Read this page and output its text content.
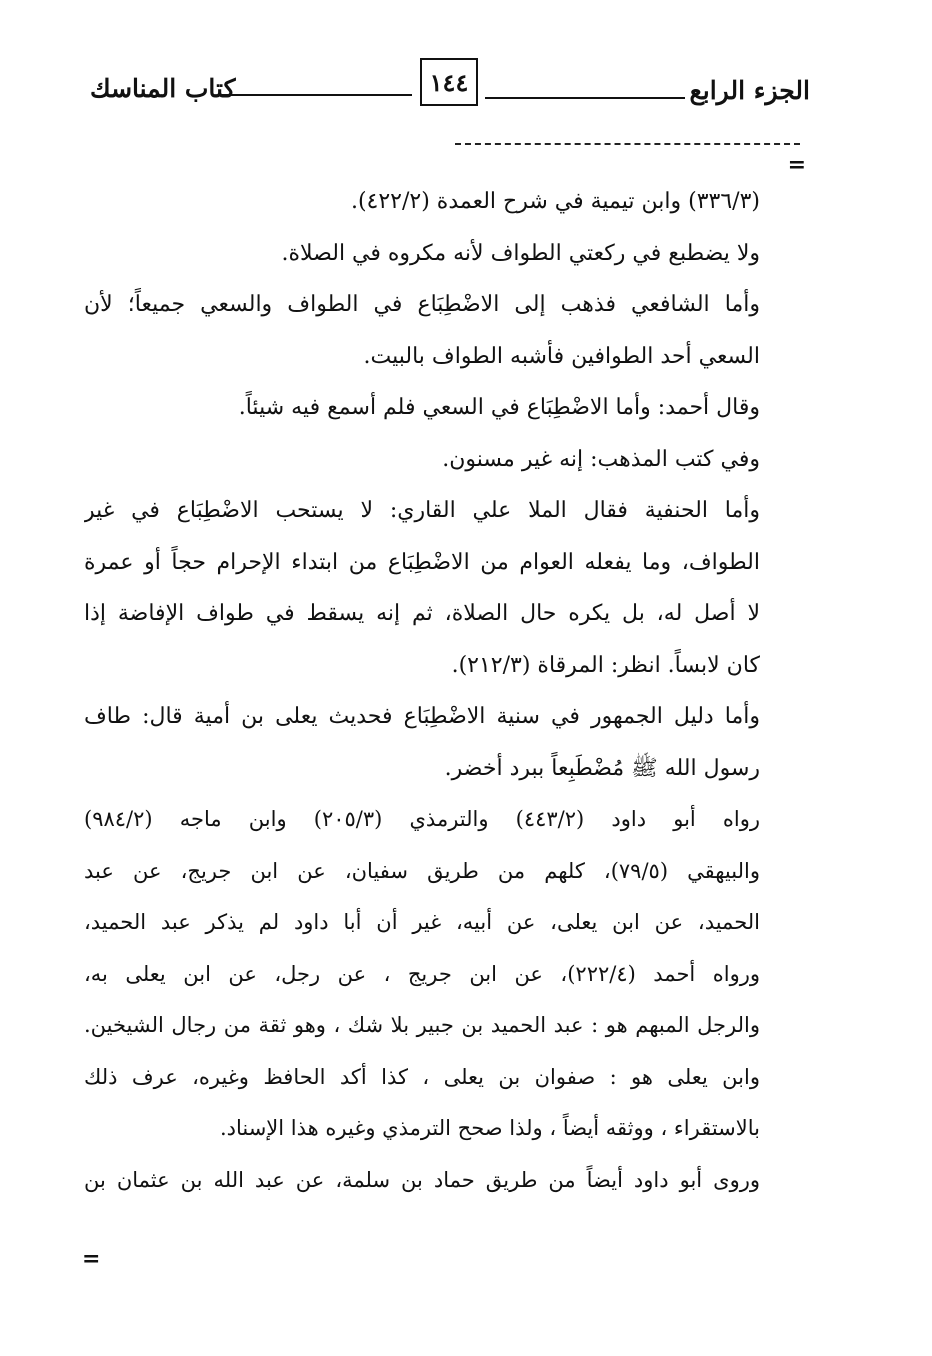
الجزء الرابع
١٤٤
كتاب المناسك
=
(٣٣٦/٣) وابن تيمية في شرح العمدة (٤٢٢/٢).
ولا يضطبع في ركعتي الطواف لأنه مكروه في الصلاة.
وأما الشافعي فذهب إلى الاضْطِبَاع في الطواف والسعي جميعاً؛ لأن
السعي أحد الطوافين فأشبه الطواف بالبيت.
وقال أحمد: وأما الاضْطِبَاع في السعي فلم أسمع فيه شيئاً.
وفي كتب المذهب: إنه غير مسنون.
وأما الحنفية فقال الملا علي القاري: لا يستحب الاضْطِبَاع في غير
الطواف، وما يفعله العوام من الاضْطِبَاع من ابتداء الإحرام حجاً أو عمرة
لا أصل له، بل يكره حال الصلاة، ثم إنه يسقط في طواف الإفاضة إذا
كان لابساً. انظر: المرقاة (٢١٢/٣).
وأما دليل الجمهور في سنية الاضْطِبَاع فحديث يعلى بن أمية قال: طاف
رسول الله ﷺ مُضْطَبِعاً ببرد أخضر.
رواه أبو داود (٤٤٣/٢) والترمذي (٢٠٥/٣) وابن ماجه (٩٨٤/٢)
والبيهقي (٧٩/٥)، كلهم من طريق سفيان، عن ابن جريج، عن عبد
الحميد، عن ابن يعلى، عن أبيه، غير أن أبا داود لم يذكر عبد الحميد،
ورواه أحمد (٢٢٢/٤)، عن ابن جريج ، عن رجل، عن ابن يعلى به،
والرجل المبهم هو : عبد الحميد بن جبير بلا شك ، وهو ثقة من رجال الشيخين.
وابن يعلى هو : صفوان بن يعلى ، كذا أكد الحافظ وغيره، عرف ذلك
بالاستقراء ، ووثقه أيضاً ، ولذا صحح الترمذي وغيره هذا الإسناد.
وروى أبو داود أيضاً من طريق حماد بن سلمة، عن عبد الله بن عثمان بن
=
